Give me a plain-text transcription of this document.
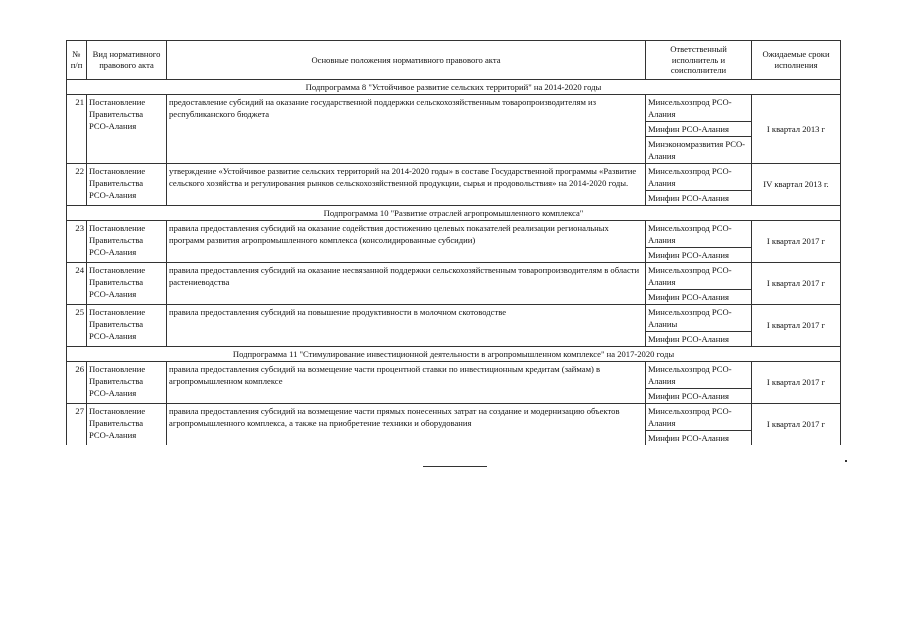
№ п/п	Вид нормативного правового акта	Основные положения нормативного правового акта	Ответственный исполнитель и соисполнители	Ожидаемые сроки исполнения
Подпрограмма 8 "Устойчивое развитие сельских территорий" на 2014-2020 годы				
21	Постановление Правительства РСО-Алания	предоставление субсидий на оказание государственной поддержки сельскохозяйственным товаропроизводителям из республиканского бюджета	Минсельхозпрод РСО-Алания
Минфин РСО-Алания
Минэкономразвития РСО-Алания	I квартал 2013 г
22	Постановление Правительства РСО-Алания	утверждение «Устойчивое развитие сельских территорий на 2014-2020 годы» в составе Государственной программы «Развитие сельского хозяйства и регулирования рынков сельскохозяйственной продукции, сырья и продовольствия» на 2014-2020 годы.	Минсельхозпрод РСО-Алания
Минфин РСО-Алания	IV квартал 2013 г.
Подпрограмма 10 "Развитие отраслей агропромышленного комплекса"				
23	Постановление Правительства РСО-Алания	правила предоставления субсидий на оказание содействия достижению целевых показателей реализации региональных программ развития агропромышленного комплекса (консолидированные субсидии)	Минсельхозпрод РСО-Алания
Минфин РСО-Алания	I квартал 2017 г
24	Постановление Правительства РСО-Алания	правила предоставления субсидий на оказание несвязанной поддержки сельскохозяйственным товаропроизводителям в области растениеводства	Минсельхозпрод РСО-Алания
Минфин РСО-Алания	I квартал 2017 г
25	Постановление Правительства РСО-Алания	правила предоставления субсидий на повышение продуктивности в молочном скотоводстве	Минсельхозпрод РСО-Аланиы
Минфин РСО-Алания	I квартал 2017 г
Подпрограмма 11 "Стимулирование инвестиционной деятельности в агропромышленном комплексе" на 2017-2020 годы				
26	Постановление Правительства РСО-Алания	правила предоставления субсидий на возмещение части процентной ставки по инвестиционным кредитам (займам) в агропромышленном комплексе	Минсельхозпрод РСО-Алания
Минфин РСО-Алания	I квартал 2017 г
27	Постановление Правительства РСО-Алания	правила предоставления субсидий на возмещение части прямых понесенных затрат на создание и модернизацию объектов агропромышленного комплекса, а также на приобретение техники и оборудования	Минсельхозпрод РСО-Алания
Минфин РСО-Алания	I квартал 2017 г
